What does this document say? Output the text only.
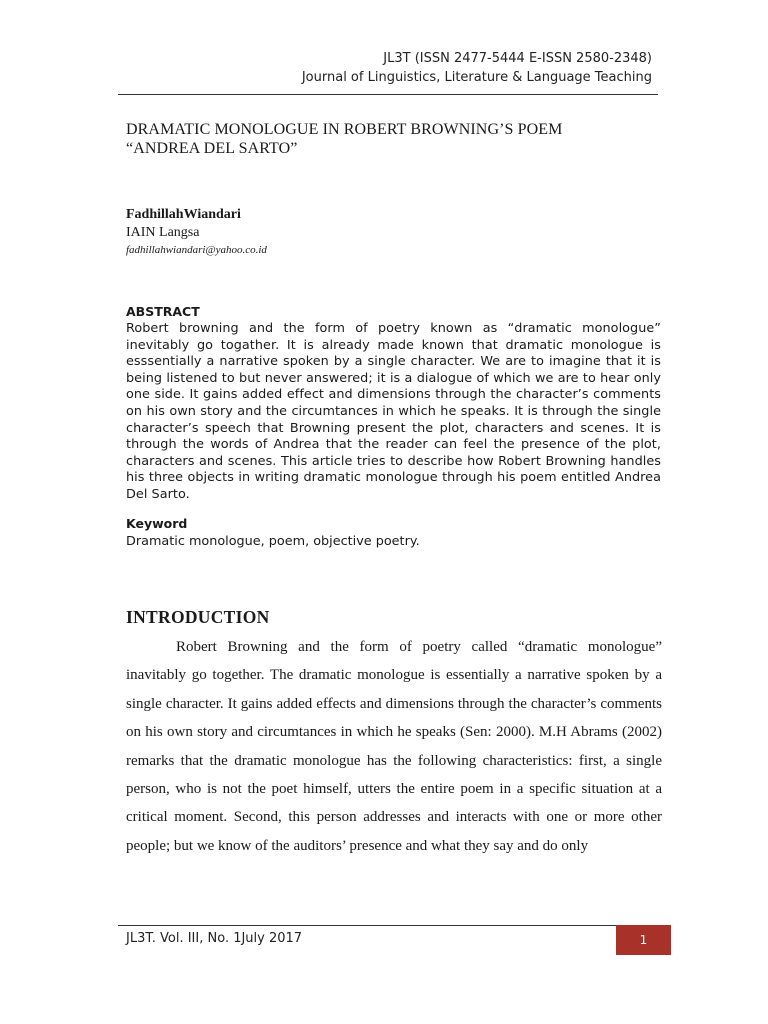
JL3T (ISSN 2477-5444 E-ISSN 2580-2348)
Journal of Linguistics, Literature & Language Teaching
DRAMATIC MONOLOGUE IN ROBERT BROWNING’S POEM
“ANDREA DEL SARTO”
FadhillahWiandari
IAIN Langsa
fadhillahwiandari@yahoo.co.id
ABSTRACT
Robert browning and the form of poetry known as “dramatic monologue” inevitably go togather. It is already made known that dramatic monologue is esssentially a narrative spoken by a single character. We are to imagine that it is being listened to but never answered; it is a dialogue of which we are to hear only one side. It gains added effect and dimensions through the character’s comments on his own story and the circumtances in which he speaks. It is through the single character’s speech that Browning present the plot, characters and scenes. It is through the words of Andrea that the reader can feel the presence of the plot, characters and scenes. This article tries to describe how Robert Browning handles his three objects in writing dramatic monologue through his poem entitled Andrea Del Sarto.
Keyword
Dramatic monologue, poem, objective poetry.
INTRODUCTION
Robert Browning and the form of poetry called “dramatic monologue” inavitably go together. The dramatic monologue is essentially a narrative spoken by a single character. It gains added effects and dimensions through the character’s comments on his own story and circumtances in which he speaks (Sen: 2000). M.H Abrams (2002) remarks that the dramatic monologue has the following characteristics: first, a single person, who is not the poet himself, utters the entire poem in a specific situation at a critical moment. Second, this person addresses and interacts with one or more other people; but we know of the auditors’ presence and what they say and do only
JL3T. Vol. III, No. 1July 2017	1
